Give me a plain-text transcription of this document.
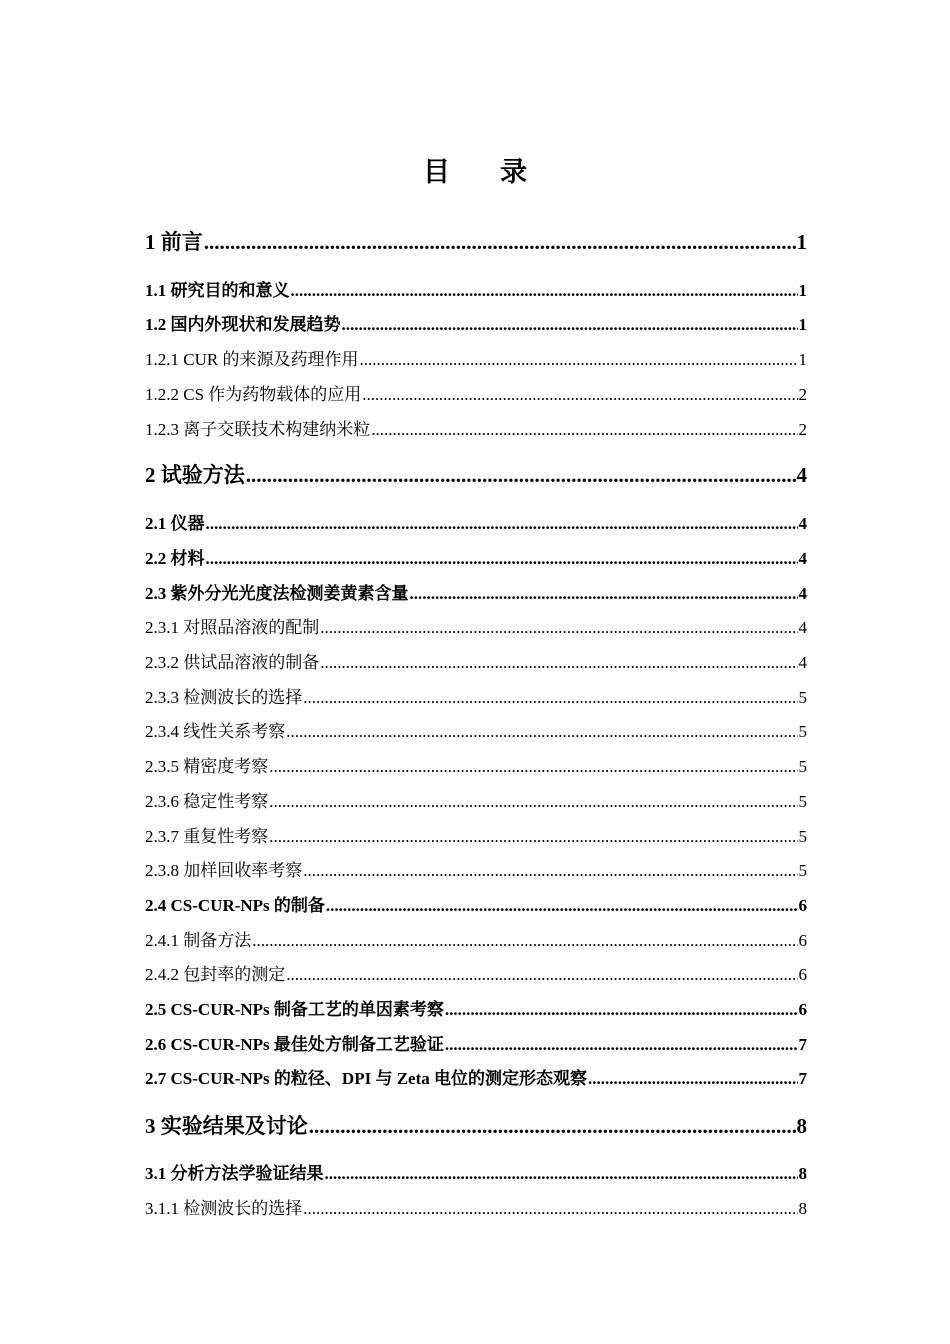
目 录
1 前言 .....	1
1.1 研究目的和意义 .....	1
1.2 国内外现状和发展趋势 .....	1
1.2.1 CUR 的来源及药理作用 .....	1
1.2.2 CS 作为药物载体的应用 .....	2
1.2.3 离子交联技术构建纳米粒 .....	2
2 试验方法 .....	4
2.1 仪器 .....	4
2.2 材料 .....	4
2.3 紫外分光光度法检测姜黄素含量 .....	4
2.3.1 对照品溶液的配制 .....	4
2.3.2 供试品溶液的制备 .....	4
2.3.3 检测波长的选择 .....	5
2.3.4 线性关系考察 .....	5
2.3.5 精密度考察 .....	5
2.3.6 稳定性考察 .....	5
2.3.7 重复性考察 .....	5
2.3.8 加样回收率考察 .....	5
2.4 CS-CUR-NPs 的制备 .....	6
2.4.1 制备方法 .....	6
2.4.2 包封率的测定 .....	6
2.5 CS-CUR-NPs 制备工艺的单因素考察 .....	6
2.6 CS-CUR-NPs 最佳处方制备工艺验证 .....	7
2.7 CS-CUR-NPs 的粒径、DPI 与 Zeta 电位的测定形态观察 .....	7
3 实验结果及讨论 .....	8
3.1 分析方法学验证结果 .....	8
3.1.1 检测波长的选择 .....	8
